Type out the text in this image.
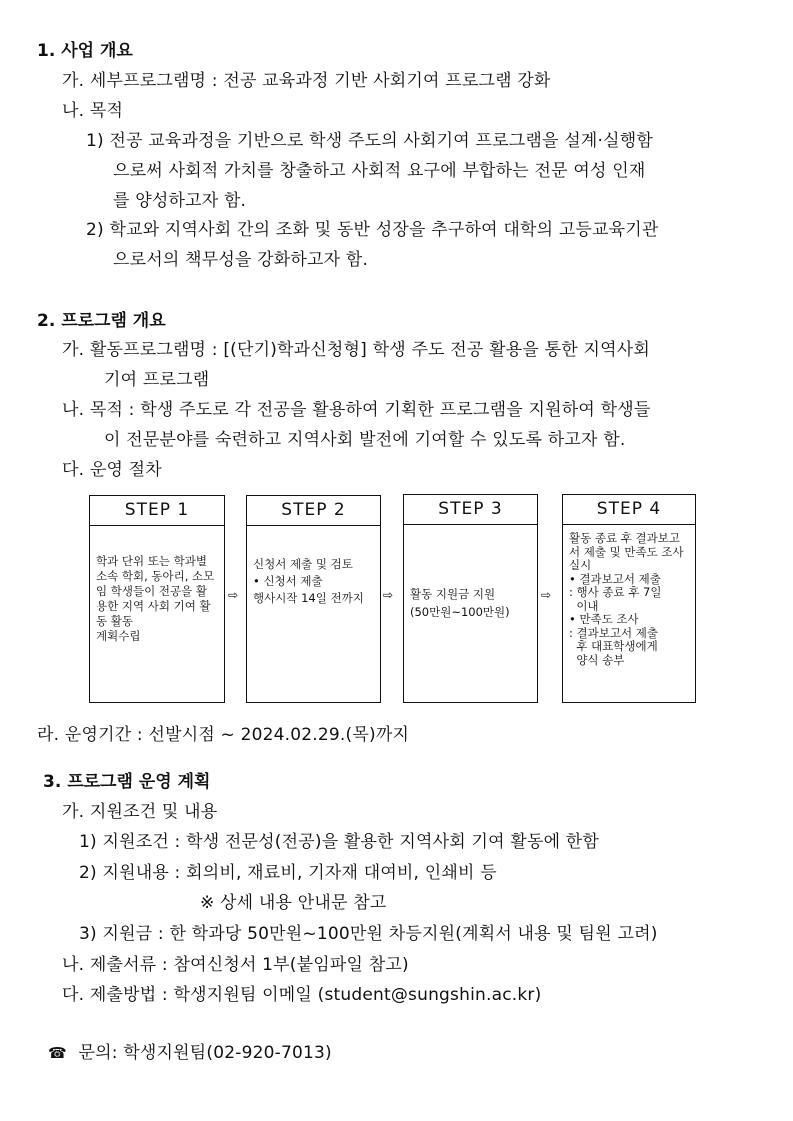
1. 사업 개요
가. 세부프로그램명 : 전공 교육과정 기반 사회기여 프로그램 강화
나. 목적
1) 전공 교육과정을 기반으로 학생 주도의 사회기여 프로그램을 설계·실행함
으로써 사회적 가치를 창출하고 사회적 요구에 부합하는 전문 여성 인재
를 양성하고자 함.
2) 학교와 지역사회 간의 조화 및 동반 성장을 추구하여 대학의 고등교육기관
으로서의 책무성을 강화하고자 함.
2. 프로그램 개요
가. 활동프로그램명 : [(단기)학과신청형] 학생 주도 전공 활용을 통한 지역사회
기여 프로그램
나. 목적 : 학생 주도로 각 전공을 활용하여 기획한 프로그램을 지원하여 학생들
이 전문분야를 숙련하고 지역사회 발전에 기여할 수 있도록 하고자 함.
다. 운영 절차
STEP 1
학과 단위 또는 학과별 소속 학회, 동아리, 소모임 학생들이 전공을 활용한 지역 사회 기여 활동 활동
계획수립
⇨
STEP 2
신청서 제출 및 검토
• 신청서 제출
행사시작 14일 전까지	⇨
STEP 3
활동 지원금 지원
(50만원~100만원)
⇨
STEP 4
활동 종료 후 결과보고서 제출 및 만족도 조사 실시
• 결과보고서 제출
: 행사 종료 후 7일
이내
• 만족도 조사
: 결과보고서 제출
후 대표학생에게
양식 송부
라. 운영기간 : 선발시점 ~ 2024.02.29.(목)까지
3. 프로그램 운영 계획
가. 지원조건 및 내용
1) 지원조건 : 학생 전문성(전공)을 활용한 지역사회 기여 활동에 한함
2) 지원내용 : 회의비, 재료비, 기자재 대여비, 인쇄비 등
※ 상세 내용 안내문 참고
3) 지원금 : 한 학과당 50만원~100만원 차등지원(계획서 내용 및 팀원 고려)
나. 제출서류 : 참여신청서 1부(붙임파일 참고)
다. 제출방법 : 학생지원팀 이메일 (student@sungshin.ac.kr)
☎ 문의: 학생지원팀(02-920-7013)
